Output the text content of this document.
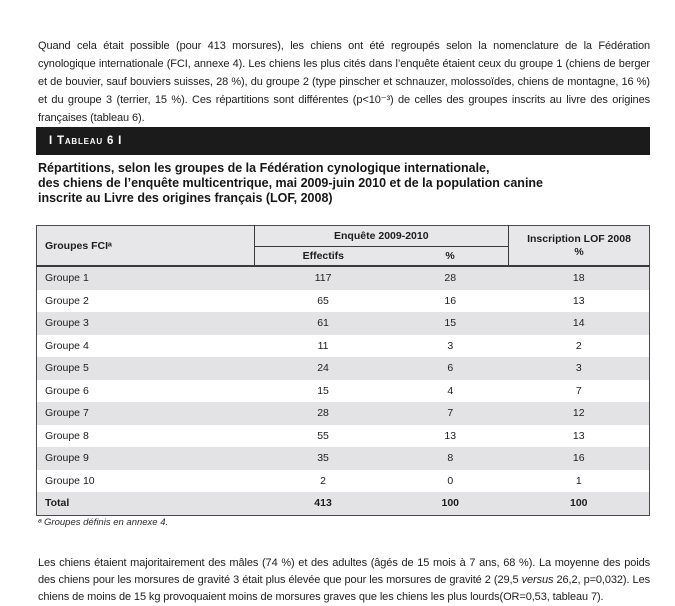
Quand cela était possible (pour 413 morsures), les chiens ont été regroupés selon la nomenclature de la Fédération cynologique internationale (FCI, annexe 4). Les chiens les plus cités dans l’enquête étaient ceux du groupe 1 (chiens de berger et de bouvier, sauf bouviers suisses, 28 %), du groupe 2 (type pinscher et schnauzer, molossoïdes, chiens de montagne, 16 %) et du groupe 3 (terrier, 15 %). Ces répartitions sont différentes (p<10⁻³) de celles des groupes inscrits au livre des origines françaises (tableau 6).

I Tableau 6 I
Répartitions, selon les groupes de la Fédération cynologique internationale,
des chiens de l’enquête multicentrique, mai 2009-juin 2010 et de la population canine
inscrite au Livre des origines français (LOF, 2008)
Groupes FCIᵃ	Enquête 2009-2010		Inscription LOF 2008
%
	Effectifs	%	
Groupe 1	117	28	18
Groupe 2	65	16	13
Groupe 3	61	15	14
Groupe 4	11	3	2
Groupe 5	24	6	3
Groupe 6	15	4	7
Groupe 7	28	7	12
Groupe 8	55	13	13
Groupe 9	35	8	16
Groupe 10	2	0	1
Total	413	100	100
ᵃ Groupes définis en annexe 4.

Les chiens étaient majoritairement des mâles (74 %) et des adultes (âgés de 15 mois à 7 ans, 68 %). La moyenne des poids des chiens pour les morsures de gravité 3 était plus élevée que pour les morsures de gravité 2 (29,5 versus 26,2, p=0,032). Les chiens de moins de 15 kg provoquaient moins de morsures graves que les chiens les plus lourds(OR=0,53, tableau 7).
